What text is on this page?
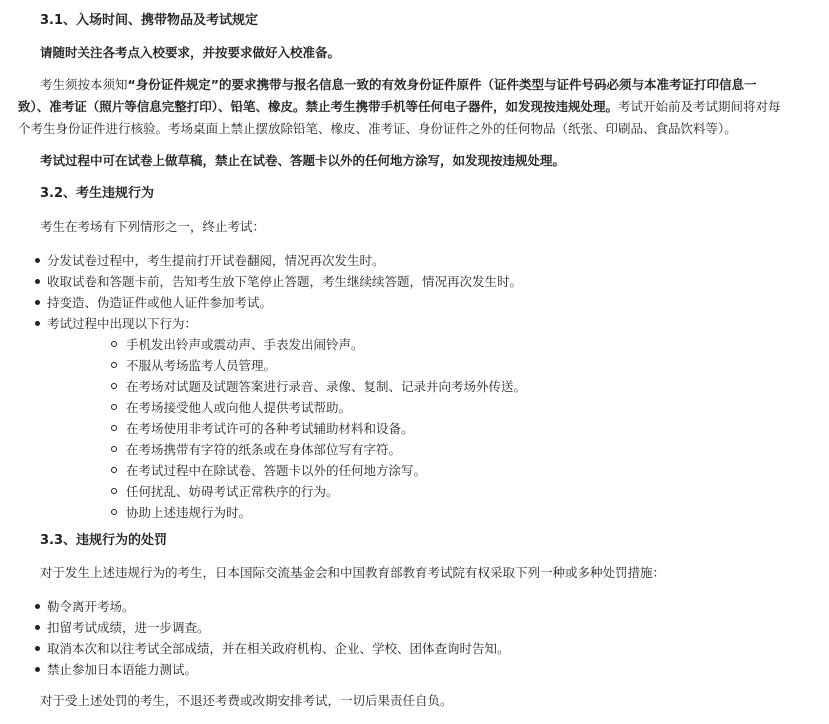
3.1、入场时间、携带物品及考试规定
请随时关注各考点入校要求，并按要求做好入校准备。
考生须按本须知“身份证件规定”的要求携带与报名信息一致的有效身份证件原件（证件类型与证件号码必须与本准考证打印信息一致）、准考证（照片等信息完整打印）、铅笔、橡皮。禁止考生携带手机等任何电子器件，如发现按违规处理。考试开始前及考试期间将对每个考生身份证件进行核验。考场桌面上禁止摆放除铅笔、橡皮、准考证、身份证件之外的任何物品（纸张、印刷品、食品饮料等）。
考试过程中可在试卷上做草稿，禁止在试卷、答题卡以外的任何地方涂写，如发现按违规处理。
3.2、考生违规行为
考生在考场有下列情形之一，终止考试：
分发试卷过程中，考生提前打开试卷翻阅，情况再次发生时。
收取试卷和答题卡前，告知考生放下笔停止答题，考生继续续答题，情况再次发生时。
持变造、伪造证件或他人证件参加考试。
考试过程中出现以下行为：
手机发出铃声或震动声、手表发出闹铃声。
不服从考场监考人员管理。
在考场对试题及试题答案进行录音、录像、复制、记录并向考场外传送。
在考场接受他人或向他人提供考试帮助。
在考场使用非考试许可的各种考试辅助材料和设备。
在考场携带有字符的纸条或在身体部位写有字符。
在考试过程中在除试卷、答题卡以外的任何地方涂写。
任何扰乱、妨碍考试正常秩序的行为。
协助上述违规行为时。
3.3、违规行为的处罚
对于发生上述违规行为的考生，日本国际交流基金会和中国教育部教育考试院有权采取下列一种或多种处罚措施：
勒令离开考场。
扣留考试成绩，进一步调查。
取消本次和以往考试全部成绩，并在相关政府机构、企业、学校、团体查询时告知。
禁止参加日本语能力测试。
对于受上述处罚的考生，不退还考费或改期安排考试，一切后果责任自负。
